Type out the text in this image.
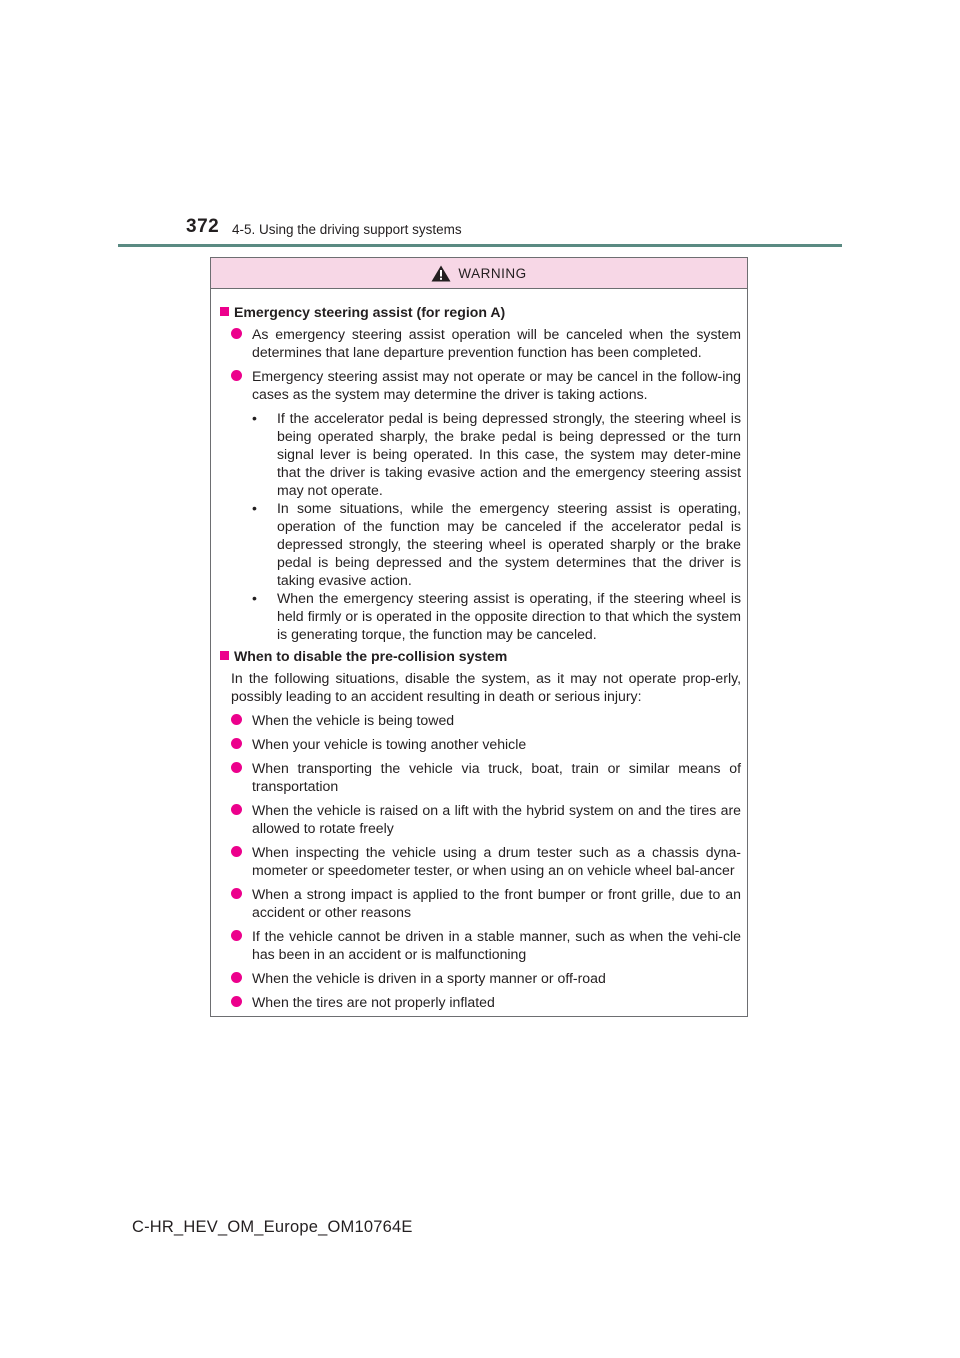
372 4-5. Using the driving support systems
WARNING
Emergency steering assist (for region A)
As emergency steering assist operation will be canceled when the system determines that lane departure prevention function has been completed.
Emergency steering assist may not operate or may be cancel in the follow-ing cases as the system may determine the driver is taking actions.
• If the accelerator pedal is being depressed strongly, the steering wheel is being operated sharply, the brake pedal is being depressed or the turn signal lever is being operated. In this case, the system may deter-mine that the driver is taking evasive action and the emergency steering assist may not operate.
• In some situations, while the emergency steering assist is operating, operation of the function may be canceled if the accelerator pedal is depressed strongly, the steering wheel is operated sharply or the brake pedal is being depressed and the system determines that the driver is taking evasive action.
• When the emergency steering assist is operating, if the steering wheel is held firmly or is operated in the opposite direction to that which the system is generating torque, the function may be canceled.
When to disable the pre-collision system
In the following situations, disable the system, as it may not operate prop-erly, possibly leading to an accident resulting in death or serious injury:
When the vehicle is being towed
When your vehicle is towing another vehicle
When transporting the vehicle via truck, boat, train or similar means of transportation
When the vehicle is raised on a lift with the hybrid system on and the tires are allowed to rotate freely
When inspecting the vehicle using a drum tester such as a chassis dyna-mometer or speedometer tester, or when using an on vehicle wheel bal-ancer
When a strong impact is applied to the front bumper or front grille, due to an accident or other reasons
If the vehicle cannot be driven in a stable manner, such as when the vehi-cle has been in an accident or is malfunctioning
When the vehicle is driven in a sporty manner or off-road
When the tires are not properly inflated
C-HR_HEV_OM_Europe_OM10764E
